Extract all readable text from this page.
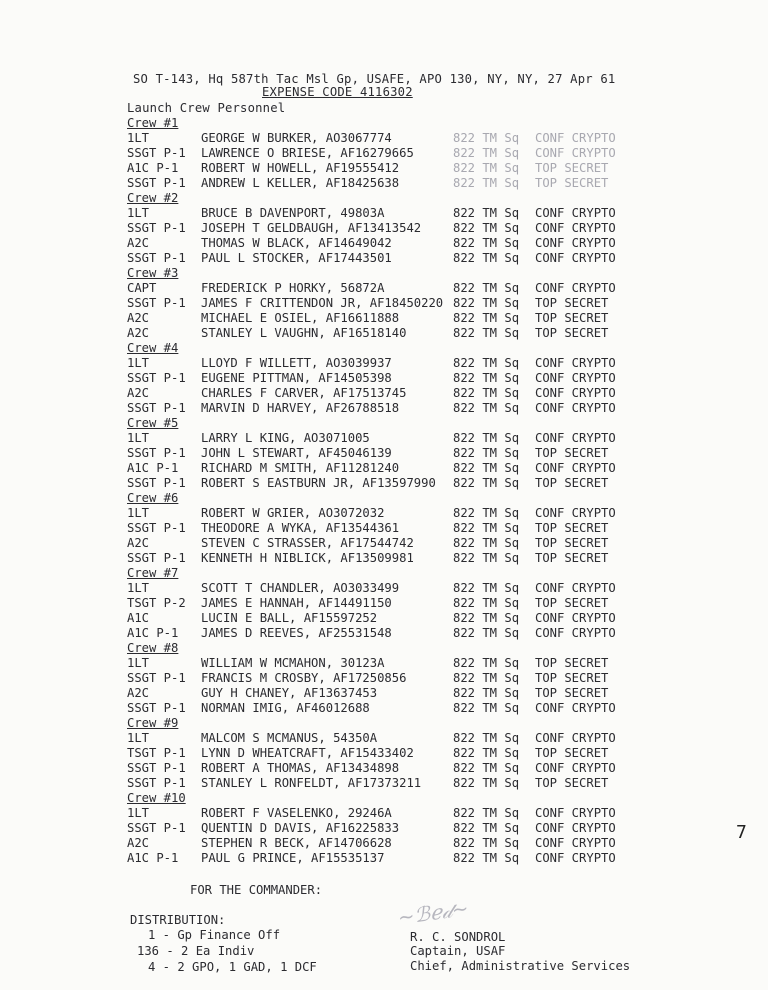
SO T-143, Hq 587th Tac Msl Gp, USAFE, APO 130, NY, NY, 27 Apr 61
EXPENSE CODE 4116302
Launch Crew Personnel
Crew #1
1LT	GEORGE W BURKER, AO3067774	822 TM Sq CONF CRYPTO
SSGT P-1 LAWRENCE O BRIESE, AF16279665	822 TM Sq CONF CRYPTO
A1C P-1 ROBERT W HOWELL, AF19555412	822 TM Sq TOP SECRET
SSGT P-1 ANDREW L KELLER, AF18425638	822 TM Sq TOP SECRET
Crew #2
1LT	BRUCE B DAVENPORT, 49803A	822 TM Sq CONF CRYPTO
SSGT P-1 JOSEPH T GELDBAUGH, AF13413542	822 TM Sq CONF CRYPTO
A2C	THOMAS W BLACK, AF14649042	822 TM Sq CONF CRYPTO
SSGT P-1 PAUL L STOCKER, AF17443501	822 TM Sq CONF CRYPTO
Crew #3
CAPT	FREDERICK P HORKY, 56872A	822 TM Sq CONF CRYPTO
SSGT P-1 JAMES F CRITTENDON JR, AF18450220 822 TM Sq TOP SECRET
A2C	MICHAEL E OSIEL, AF16611888	822 TM Sq TOP SECRET
A2C	STANLEY L VAUGHN, AF16518140	822 TM Sq TOP SECRET
Crew #4
1LT	LLOYD F WILLETT, AO3039937	822 TM Sq CONF CRYPTO
SSGT P-1 EUGENE PITTMAN, AF14505398	822 TM Sq CONF CRYPTO
A2C	CHARLES F CARVER, AF17513745	822 TM Sq CONF CRYPTO
SSGT P-1 MARVIN D HARVEY, AF26788518	822 TM Sq CONF CRYPTO
Crew #5
1LT	LARRY L KING, AO3071005	822 TM Sq CONF CRYPTO
SSGT P-1 JOHN L STEWART, AF45046139	822 TM Sq TOP SECRET
A1C P-1 RICHARD M SMITH, AF11281240	822 TM Sq CONF CRYPTO
SSGT P-1 ROBERT S EASTBURN JR, AF13597990 822 TM Sq TOP SECRET
Crew #6
1LT	ROBERT W GRIER, AO3072032	822 TM Sq CONF CRYPTO
SSGT P-1 THEODORE A WYKA, AF13544361	822 TM Sq TOP SECRET
A2C	STEVEN C STRASSER, AF17544742	822 TM Sq TOP SECRET
SSGT P-1 KENNETH H NIBLICK, AF13509981	822 TM Sq TOP SECRET
Crew #7
1LT	SCOTT T CHANDLER, AO3033499	822 TM Sq CONF CRYPTO
TSGT P-2 JAMES E HANNAH, AF14491150	822 TM Sq TOP SECRET
A1C	LUCIN E BALL, AF15597252	822 TM Sq CONF CRYPTO
A1C P-1 JAMES D REEVES, AF25531548	822 TM Sq CONF CRYPTO
Crew #8
1LT	WILLIAM W MCMAHON, 30123A	822 TM Sq TOP SECRET
SSGT P-1 FRANCIS M CROSBY, AF17250856	822 TM Sq TOP SECRET
A2C	GUY H CHANEY, AF13637453	822 TM Sq TOP SECRET
SSGT P-1 NORMAN IMIG, AF46012688	822 TM Sq CONF CRYPTO
Crew #9
1LT	MALCOM S MCMANUS, 54350A	822 TM Sq CONF CRYPTO
TSGT P-1 LYNN D WHEATCRAFT, AF15433402	822 TM Sq TOP SECRET
SSGT P-1 ROBERT A THOMAS, AF13434898	822 TM Sq CONF CRYPTO
SSGT P-1 STANLEY L RONFELDT, AF17373211	822 TM Sq TOP SECRET
Crew #10
1LT	ROBERT F VASELENKO, 29246A	822 TM Sq CONF CRYPTO
SSGT P-1 QUENTIN D DAVIS, AF16225833	822 TM Sq CONF CRYPTO
A2C	STEPHEN R BECK, AF14706628	822 TM Sq CONF CRYPTO
A1C P-1 PAUL G PRINCE, AF15535137	822 TM Sq CONF CRYPTO
FOR THE COMMANDER:
DISTRIBUTION:
1 - Gp Finance Off
136 - 2 Ea Indiv
4 - 2 GPO, 1 GAD, 1 DCF
~ℬℯ𝒹~
R. C. SONDROL
Captain, USAF
Chief, Administrative Services
7
